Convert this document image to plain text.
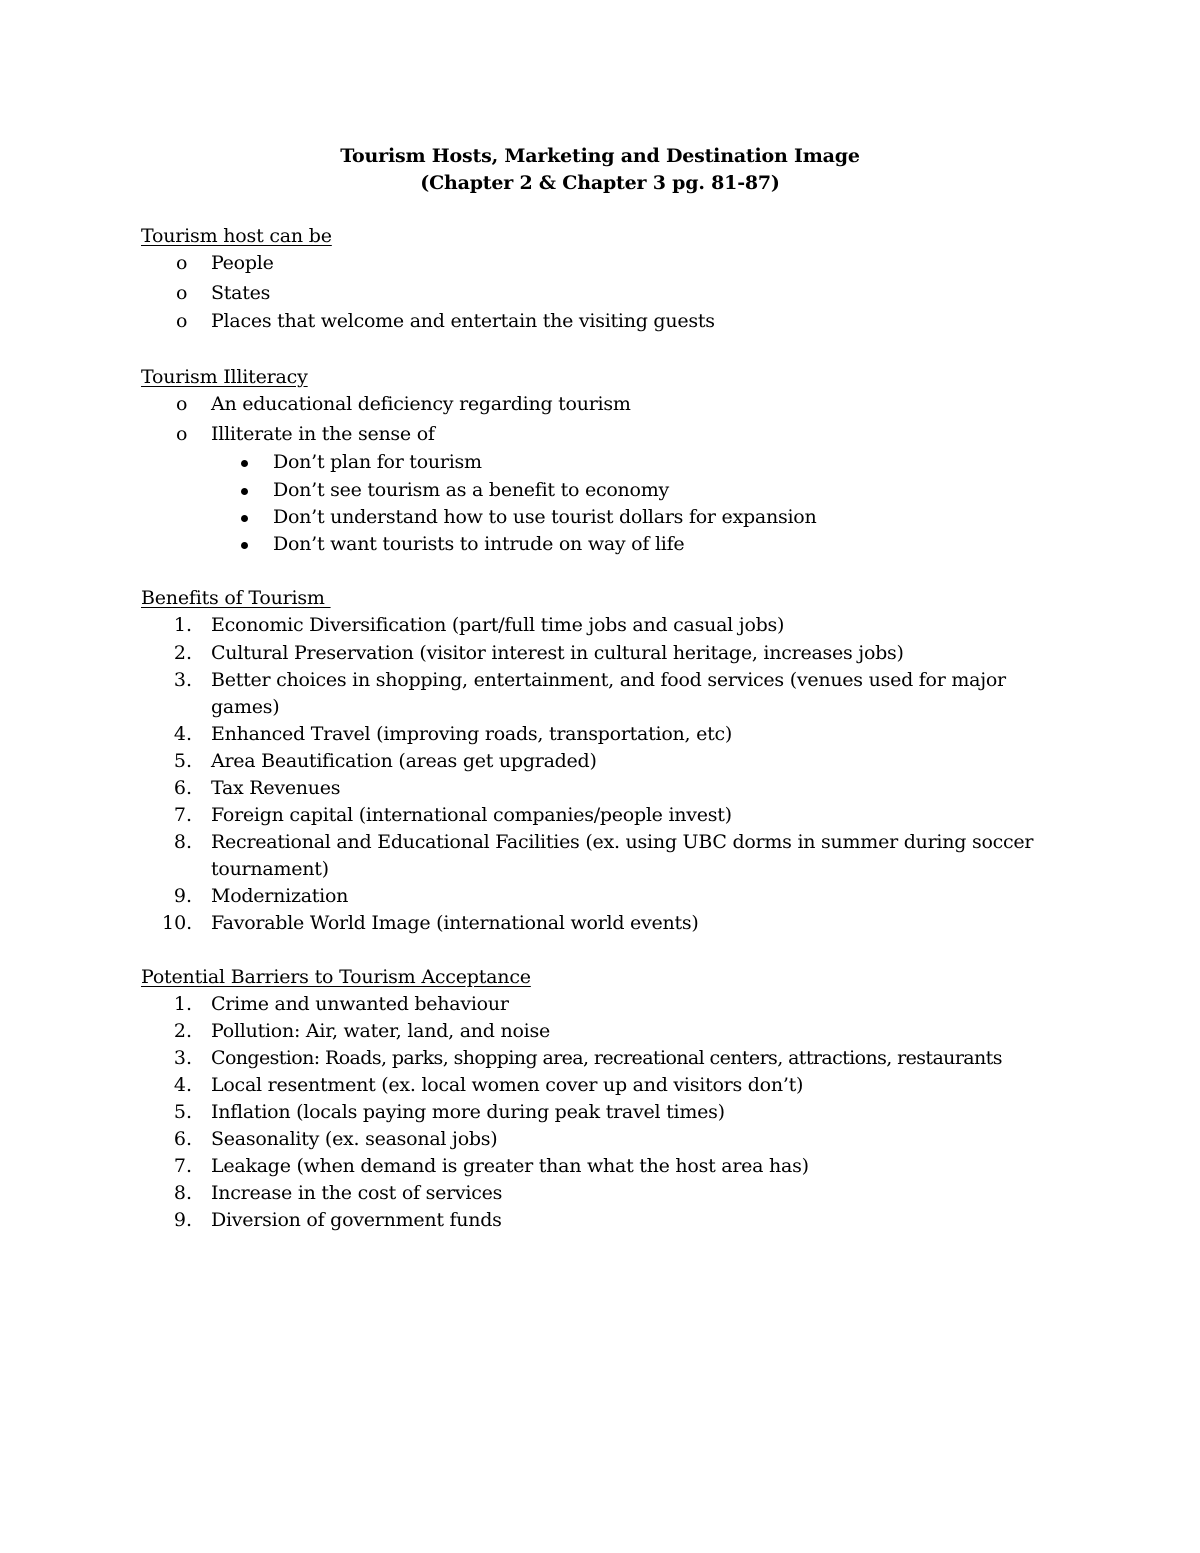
Tourism Hosts, Marketing and Destination Image
(Chapter 2 & Chapter 3 pg. 81-87)
Tourism host can be
o People
o States
o Places that welcome and entertain the visiting guests
Tourism Illiteracy
o An educational deficiency regarding tourism
o Illiterate in the sense of
Don’t plan for tourism
Don’t see tourism as a benefit to economy
Don’t understand how to use tourist dollars for expansion
Don’t want tourists to intrude on way of life
Benefits of Tourism
1. Economic Diversification (part/full time jobs and casual jobs)
2. Cultural Preservation (visitor interest in cultural heritage, increases jobs)
3. Better choices in shopping, entertainment, and food services (venues used for major
games)
4. Enhanced Travel (improving roads, transportation, etc)
5. Area Beautification (areas get upgraded)
6. Tax Revenues
7. Foreign capital (international companies/people invest)
8. Recreational and Educational Facilities (ex. using UBC dorms in summer during soccer
tournament)
9. Modernization
10. Favorable World Image (international world events)
Potential Barriers to Tourism Acceptance
1. Crime and unwanted behaviour
2. Pollution: Air, water, land, and noise
3. Congestion: Roads, parks, shopping area, recreational centers, attractions, restaurants
4. Local resentment (ex. local women cover up and visitors don’t)
5. Inflation (locals paying more during peak travel times)
6. Seasonality (ex. seasonal jobs)
7. Leakage (when demand is greater than what the host area has)
8. Increase in the cost of services
9. Diversion of government funds
